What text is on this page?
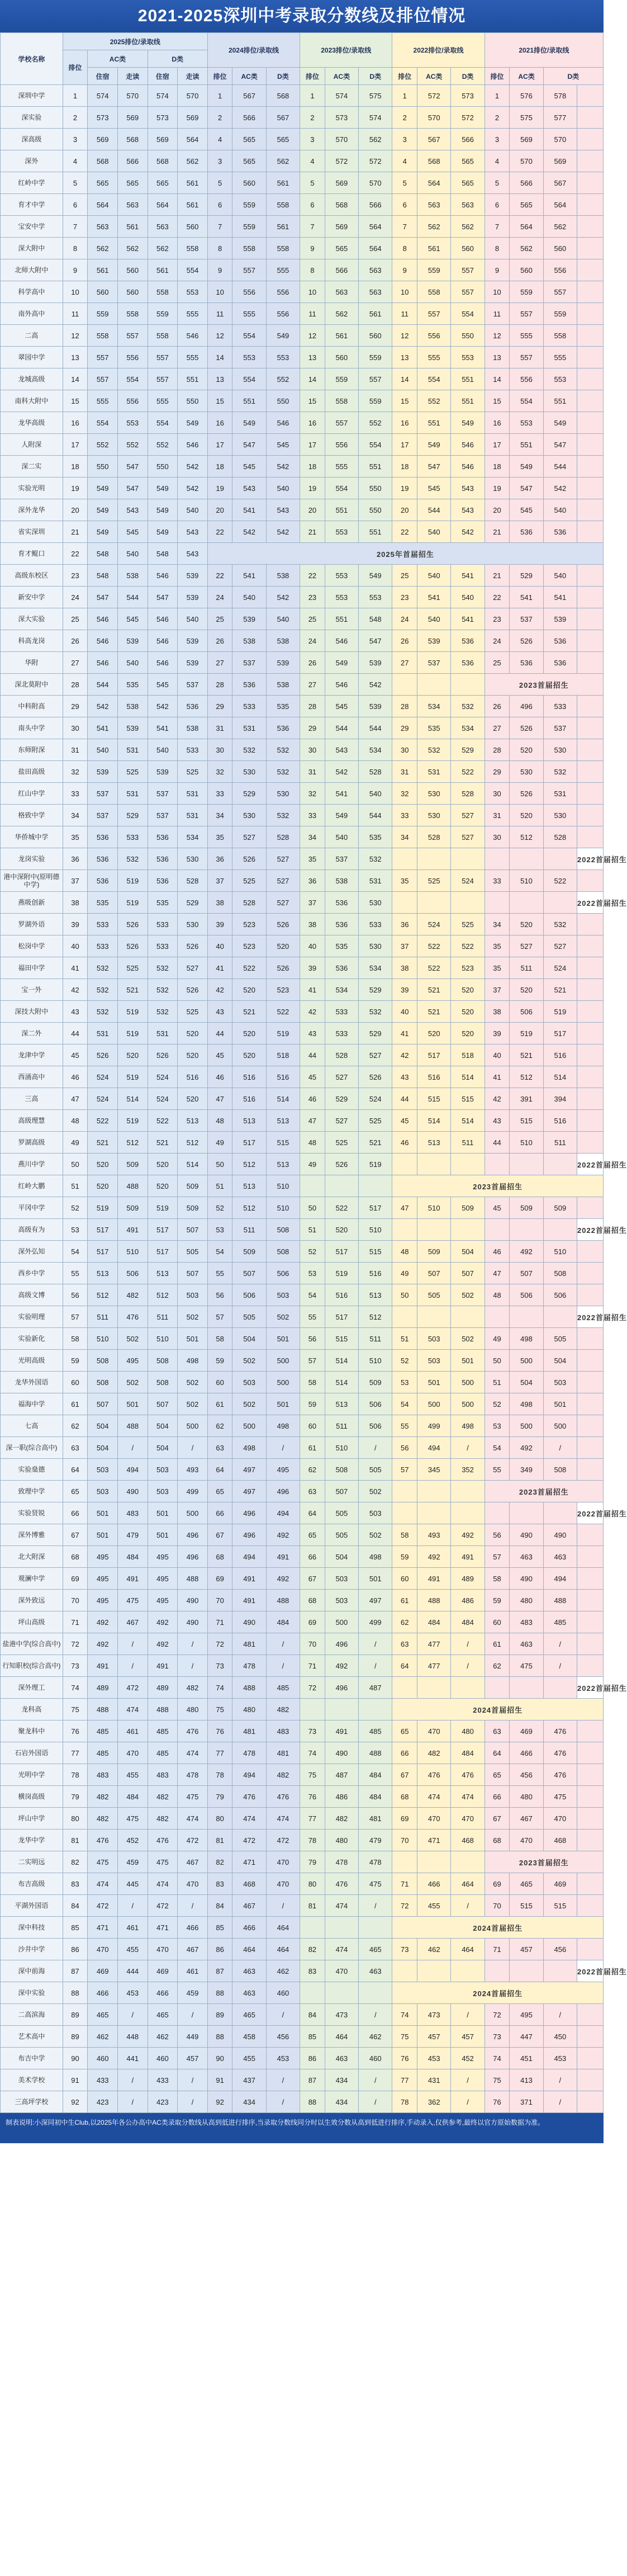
2021-2025深圳中考录取分数线及排位情况
学校名称	2025排位/录取线					2024排位/录取线			2023排位/录取线			2022排位/录取线			2021排位/录取线			
	排位	AC类		D类														
		住宿	走读	住宿	走读	排位	AC类	D类	排位	AC类	D类	排位	AC类	D类	排位	AC类	D类	
深圳中学	1	574	570	574	570	1	567	568	1	574	575	1	572	573	1	576	578	
深实验	2	573	569	573	569	2	566	567	2	573	574	2	570	572	2	575	577	
深高级	3	569	568	569	564	4	565	565	3	570	562	3	567	566	3	569	570	
深外	4	568	566	568	562	3	565	562	4	572	572	4	568	565	4	570	569	
红岭中学	5	565	565	565	561	5	560	561	5	569	570	5	564	565	5	566	567	
育才中学	6	564	563	564	561	6	559	558	6	568	566	6	563	563	6	565	564	
宝安中学	7	563	561	563	560	7	559	561	7	569	564	7	562	562	7	564	562	
深大附中	8	562	562	562	558	8	558	558	9	565	564	8	561	560	8	562	560	
北师大附中	9	561	560	561	554	9	557	555	8	566	563	9	559	557	9	560	556	
科学高中	10	560	560	558	553	10	556	556	10	563	563	10	558	557	10	559	557	
南外高中	11	559	558	559	555	11	555	556	11	562	561	11	557	554	11	557	559	
二高	12	558	557	558	546	12	554	549	12	561	560	12	556	550	12	555	558	
翠园中学	13	557	556	557	555	14	553	553	13	560	559	13	555	553	13	557	555	
龙城高级	14	557	554	557	551	13	554	552	14	559	557	14	554	551	14	556	553	
南科大附中	15	555	556	555	550	15	551	550	15	558	559	15	552	551	15	554	551	
龙华高级	16	554	553	554	549	16	549	546	16	557	552	16	551	549	16	553	549	
人附深	17	552	552	552	546	17	547	545	17	556	554	17	549	546	17	551	547	
深二实	18	550	547	550	542	18	545	542	18	555	551	18	547	546	18	549	544	
实验光明	19	549	547	549	542	19	543	540	19	554	550	19	545	543	19	547	542	
深外龙华	20	549	543	549	540	20	541	543	20	551	550	20	544	543	20	545	540	
省实深圳	21	549	545	549	543	22	542	542	21	553	551	22	540	542	21	536	536	
育才鲲口	22	548	540	548	543	2025年首届招生												
高级东校区	23	548	538	546	539	22	541	538	22	553	549	25	540	541	21	529	540	
新安中学	24	547	544	547	539	24	540	542	23	553	553	23	541	540	22	541	541	
深大实验	25	546	545	546	540	25	539	540	25	551	548	24	540	541	23	537	539	
科高龙岗	26	546	539	546	539	26	538	538	24	546	547	26	539	536	24	526	536	
华附	27	546	540	546	539	27	537	539	26	549	539	27	537	536	25	536	536	
深北莫附中	28	544	535	545	537	28	536	538	27	546	542				2023首届招生			
中科附高	29	542	538	542	536	29	533	535	28	545	539	28	534	532	26	496	533	
南头中学	30	541	539	541	538	31	531	536	29	544	544	29	535	534	27	526	537	
东师附深	31	540	531	540	533	30	532	532	30	543	534	30	532	529	28	520	530	
盐田高级	32	539	525	539	525	32	530	532	31	542	528	31	531	522	29	530	532	
红山中学	33	537	531	537	531	33	529	530	32	541	540	32	530	528	30	526	531	
格致中学	34	537	529	537	531	34	530	532	33	549	544	33	530	527	31	520	530	
华侨城中学	35	536	533	536	534	35	527	528	34	540	535	34	528	527	30	512	528	
龙岗实验	36	536	532	536	530	36	526	527	35	537	532							2022首届招生
港中深附中(原明德中学)	37	536	519	536	528	37	525	527	36	538	531	35	525	524	33	510	522	
燕吸创新	38	535	519	535	529	38	528	527	37	536	530							2022首届招生
罗湖外语	39	533	526	533	530	39	523	526	38	536	533	36	524	525	34	520	532	
松岗中学	40	533	526	533	526	40	523	520	40	535	530	37	522	522	35	527	527	
福田中学	41	532	525	532	527	41	522	526	39	536	534	38	522	523	35	511	524	
宝一外	42	532	521	532	526	42	520	523	41	534	529	39	521	520	37	520	521	
深技大附中	43	532	519	532	525	43	521	522	42	533	532	40	521	520	38	506	519	
深二外	44	531	519	531	520	44	520	519	43	533	529	41	520	520	39	519	517	
龙津中学	45	526	520	526	520	45	520	518	44	528	527	42	517	518	40	521	516	
西涌高中	46	524	519	524	516	46	516	516	45	527	526	43	516	514	41	512	514	
三高	47	524	514	524	520	47	516	514	46	529	524	44	515	515	42	391	394	
高级理慧	48	522	519	522	513	48	513	513	47	527	525	45	514	514	43	515	516	
罗湖高级	49	521	512	521	512	49	517	515	48	525	521	46	513	511	44	510	511	
燕川中学	50	520	509	520	514	50	512	513	49	526	519							2022首届招生
红岭大鹏	51	520	488	520	509	51	513	510				2023首届招生						
平冈中学	52	519	509	519	509	52	512	510	50	522	517	47	510	509	45	509	509	
高级有为	53	517	491	517	507	53	511	508	51	520	510							2022首届招生
深外弘知	54	517	510	517	505	54	509	508	52	517	515	48	509	504	46	492	510	
西乡中学	55	513	506	513	507	55	507	506	53	519	516	49	507	507	47	507	508	
高级文博	56	512	482	512	503	56	506	503	54	516	513	50	505	502	48	506	506	
实验明理	57	511	476	511	502	57	505	502	55	517	512							2022首届招生
实验新化	58	510	502	510	501	58	504	501	56	515	511	51	503	502	49	498	505	
光明高级	59	508	495	508	498	59	502	500	57	514	510	52	503	501	50	500	504	
龙华外国语	60	508	502	508	502	60	503	500	58	514	509	53	501	500	51	504	503	
福海中学	61	507	501	507	502	61	502	501	59	513	506	54	500	500	52	498	501	
七高	62	504	488	504	500	62	500	498	60	511	506	55	499	498	53	500	500	
深一职(综合高中)	63	504	/	504	/	63	498	/	61	510	/	56	494	/	54	492	/	
实验燊德	64	503	494	503	493	64	497	495	62	508	505	57	345	352	55	349	508	
致理中学	65	503	490	503	499	65	497	496	63	507	502				2023首届招生			
实验贤锐	66	501	483	501	500	66	496	494	64	505	503							2022首届招生
深外博雅	67	501	479	501	496	67	496	492	65	505	502	58	493	492	56	490	490	
北大附深	68	495	484	495	496	68	494	491	66	504	498	59	492	491	57	463	463	
观澜中学	69	495	491	495	488	69	491	492	67	503	501	60	491	489	58	490	494	
深外致远	70	495	475	495	490	70	491	488	68	503	497	61	488	486	59	480	488	
坪山高级	71	492	467	492	490	71	490	484	69	500	499	62	484	484	60	483	485	
盐港中学(综合高中)	72	492	/	492	/	72	481	/	70	496	/	63	477	/	61	463	/	
行知职校(综合高中)	73	491	/	491	/	73	478	/	71	492	/	64	477	/	62	475	/	
深外理工	74	489	472	489	482	74	488	485	72	496	487							2022首届招生
龙科高	75	488	474	488	480	75	480	482				2024首届招生						
聚龙科中	76	485	461	485	476	76	481	483	73	491	485	65	470	480	63	469	476	
石岩外国语	77	485	470	485	474	77	478	481	74	490	488	66	482	484	64	466	476	
光明中学	78	483	455	483	478	78	494	482	75	487	484	67	476	476	65	456	476	
横岗高级	79	482	484	482	475	79	476	476	76	486	484	68	474	474	66	480	475	
坪山中学	80	482	475	482	474	80	474	474	77	482	481	69	470	470	67	467	470	
龙华中学	81	476	452	476	472	81	472	472	78	480	479	70	471	468	68	470	468	
二实明远	82	475	459	475	467	82	471	470	79	478	478				2023首届招生			
布吉高级	83	474	445	474	470	83	468	470	80	476	475	71	466	464	69	465	469	
平湖外国语	84	472	/	472	/	84	467	/	81	474	/	72	455	/	70	515	515	
深中科技	85	471	461	471	466	85	466	464				2024首届招生						
沙井中学	86	470	455	470	467	86	464	464	82	474	465	73	462	464	71	457	456	
深中前海	87	469	444	469	461	87	463	462	83	470	463							2022首届招生
深中实验	88	466	453	466	459	88	463	460				2024首届招生						
二高滨海	89	465	/	465	/	89	465	/	84	473	/	74	473	/	72	495	/	
艺术高中	89	462	448	462	449	88	458	456	85	464	462	75	457	457	73	447	450	
布吉中学	90	460	441	460	457	90	455	453	86	463	460	76	453	452	74	451	453	
美术学校	91	433	/	433	/	91	437	/	87	434	/	77	431	/	75	413	/	
三高坪学校	92	423	/	423	/	92	434	/	88	434	/	78	362	/	76	371	/	
制表说明:小深同初中生Club,以2025年各公办高中AC类录取分数线从高到低进行排序,当录取分数线同分时以生效分数从高到低进行排序,手动录入,仅供参考,最终以官方原始数据为准。
